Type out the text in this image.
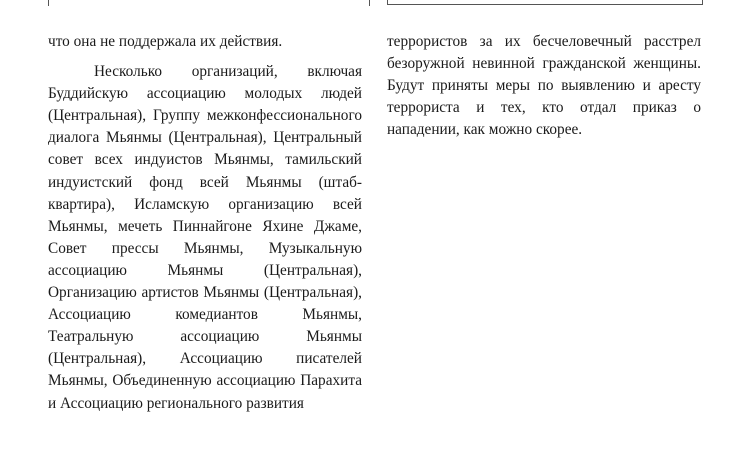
что она не поддержала их действия.

Несколько организаций, включая Буддийскую ассоциацию молодых людей (Центральная), Группу межконфессионального диалога Мьянмы (Центральная), Центральный совет всех индуистов Мьянмы, тамильский индуистский фонд всей Мьянмы (штаб-квартира), Исламскую организацию всей Мьянмы, мечеть Пиннайгоне Яхине Джаме, Совет прессы Мьянмы, Музыкальную ассоциацию Мьянмы (Центральная), Организацию артистов Мьянмы (Центральная), Ассоциацию комедиантов Мьянмы, Театральную ассоциацию Мьянмы (Центральная), Ассоциацию писателей Мьянмы, Объединенную ассоциацию Парахита и Ассоциацию регионального развития

террористов за их бесчеловечный расстрел безоружной невинной гражданской женщины. Будут приняты меры по выявлению и аресту террориста и тех, кто отдал приказ о нападении, как можно скорее.
